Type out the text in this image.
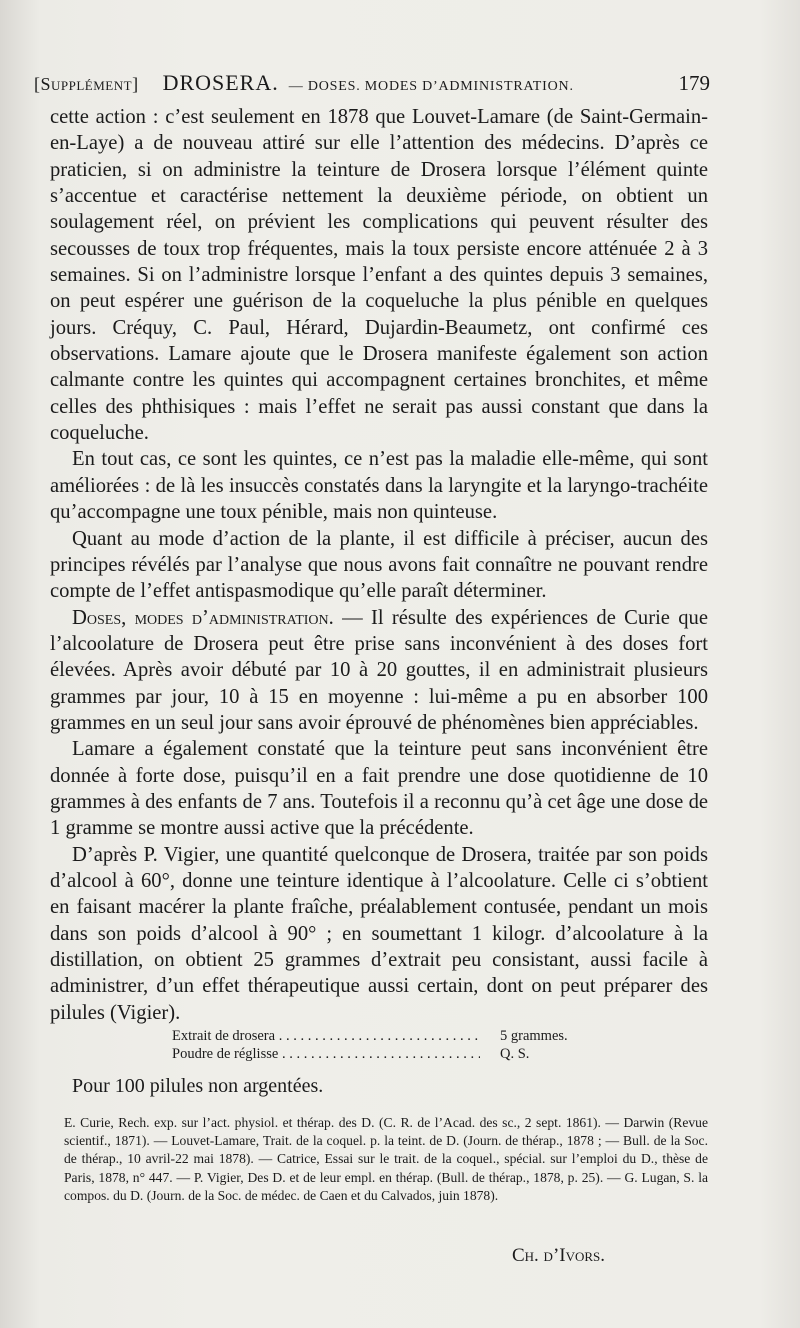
[Supplément] DROSERA. — DOSES. MODES D’ADMINISTRATION.	179

cette action : c’est seulement en 1878 que Louvet-Lamare (de Saint-Germain-en-Laye) a de nouveau attiré sur elle l’attention des médecins. D’après ce praticien, si on administre la teinture de Drosera lorsque l’élément quinte s’accentue et caractérise nettement la deuxième période, on obtient un soulagement réel, on prévient les complications qui peuvent résulter des secousses de toux trop fréquentes, mais la toux persiste encore atténuée 2 à 3 semaines. Si on l’administre lorsque l’enfant a des quintes depuis 3 semaines, on peut espérer une guérison de la coqueluche la plus pénible en quelques jours. Créquy, C. Paul, Hérard, Dujardin-Beaumetz, ont confirmé ces observations. Lamare ajoute que le Drosera manifeste également son action calmante contre les quintes qui accompagnent certaines bronchites, et même celles des phthisiques : mais l’effet ne serait pas aussi constant que dans la coqueluche.

En tout cas, ce sont les quintes, ce n’est pas la maladie elle-même, qui sont améliorées : de là les insuccès constatés dans la laryngite et la laryngo-trachéite qu’accompagne une toux pénible, mais non quinteuse.

Quant au mode d’action de la plante, il est difficile à préciser, aucun des principes révélés par l’analyse que nous avons fait connaître ne pouvant rendre compte de l’effet antispasmodique qu’elle paraît déterminer.

Doses, modes d’administration. — Il résulte des expériences de Curie que l’alcoolature de Drosera peut être prise sans inconvénient à des doses fort élevées. Après avoir débuté par 10 à 20 gouttes, il en administrait plusieurs grammes par jour, 10 à 15 en moyenne : lui-même a pu en absorber 100 grammes en un seul jour sans avoir éprouvé de phénomènes bien appréciables.

Lamare a également constaté que la teinture peut sans inconvénient être donnée à forte dose, puisqu’il en a fait prendre une dose quotidienne de 10 grammes à des enfants de 7 ans. Toutefois il a reconnu qu’à cet âge une dose de 1 gramme se montre aussi active que la précédente.

D’après P. Vigier, une quantité quelconque de Drosera, traitée par son poids d’alcool à 60°, donne une teinture identique à l’alcoolature. Celle ci s’obtient en faisant macérer la plante fraîche, préalablement contusée, pendant un mois dans son poids d’alcool à 90° ; en soumettant 1 kilogr. d’alcoolature à la distillation, on obtient 25 grammes d’extrait peu consistant, aussi facile à administrer, d’un effet thérapeutique aussi certain, dont on peut préparer des pilules (Vigier).

Extrait de drosera . . .	5 grammes.
Poudre de réglisse . . .	Q. S.
Pour 100 pilules non argentées.
E. Curie, Rech. exp. sur l’act. physiol. et thérap. des D. (C. R. de l’Acad. des sc., 2 sept. 1861). — Darwin (Revue scientif., 1871). — Louvet-Lamare, Trait. de la coquel. p. la teint. de D. (Journ. de thérap., 1878 ; — Bull. de la Soc. de thérap., 10 avril-22 mai 1878). — Catrice, Essai sur le trait. de la coquel., spécial. sur l’emploi du D., thèse de Paris, 1878, n° 447. — P. Vigier, Des D. et de leur empl. en thérap. (Bull. de thérap., 1878, p. 25). — G. Lugan, S. la compos. du D. (Journ. de la Soc. de médec. de Caen et du Calvados, juin 1878).
Ch. d’Ivors.
